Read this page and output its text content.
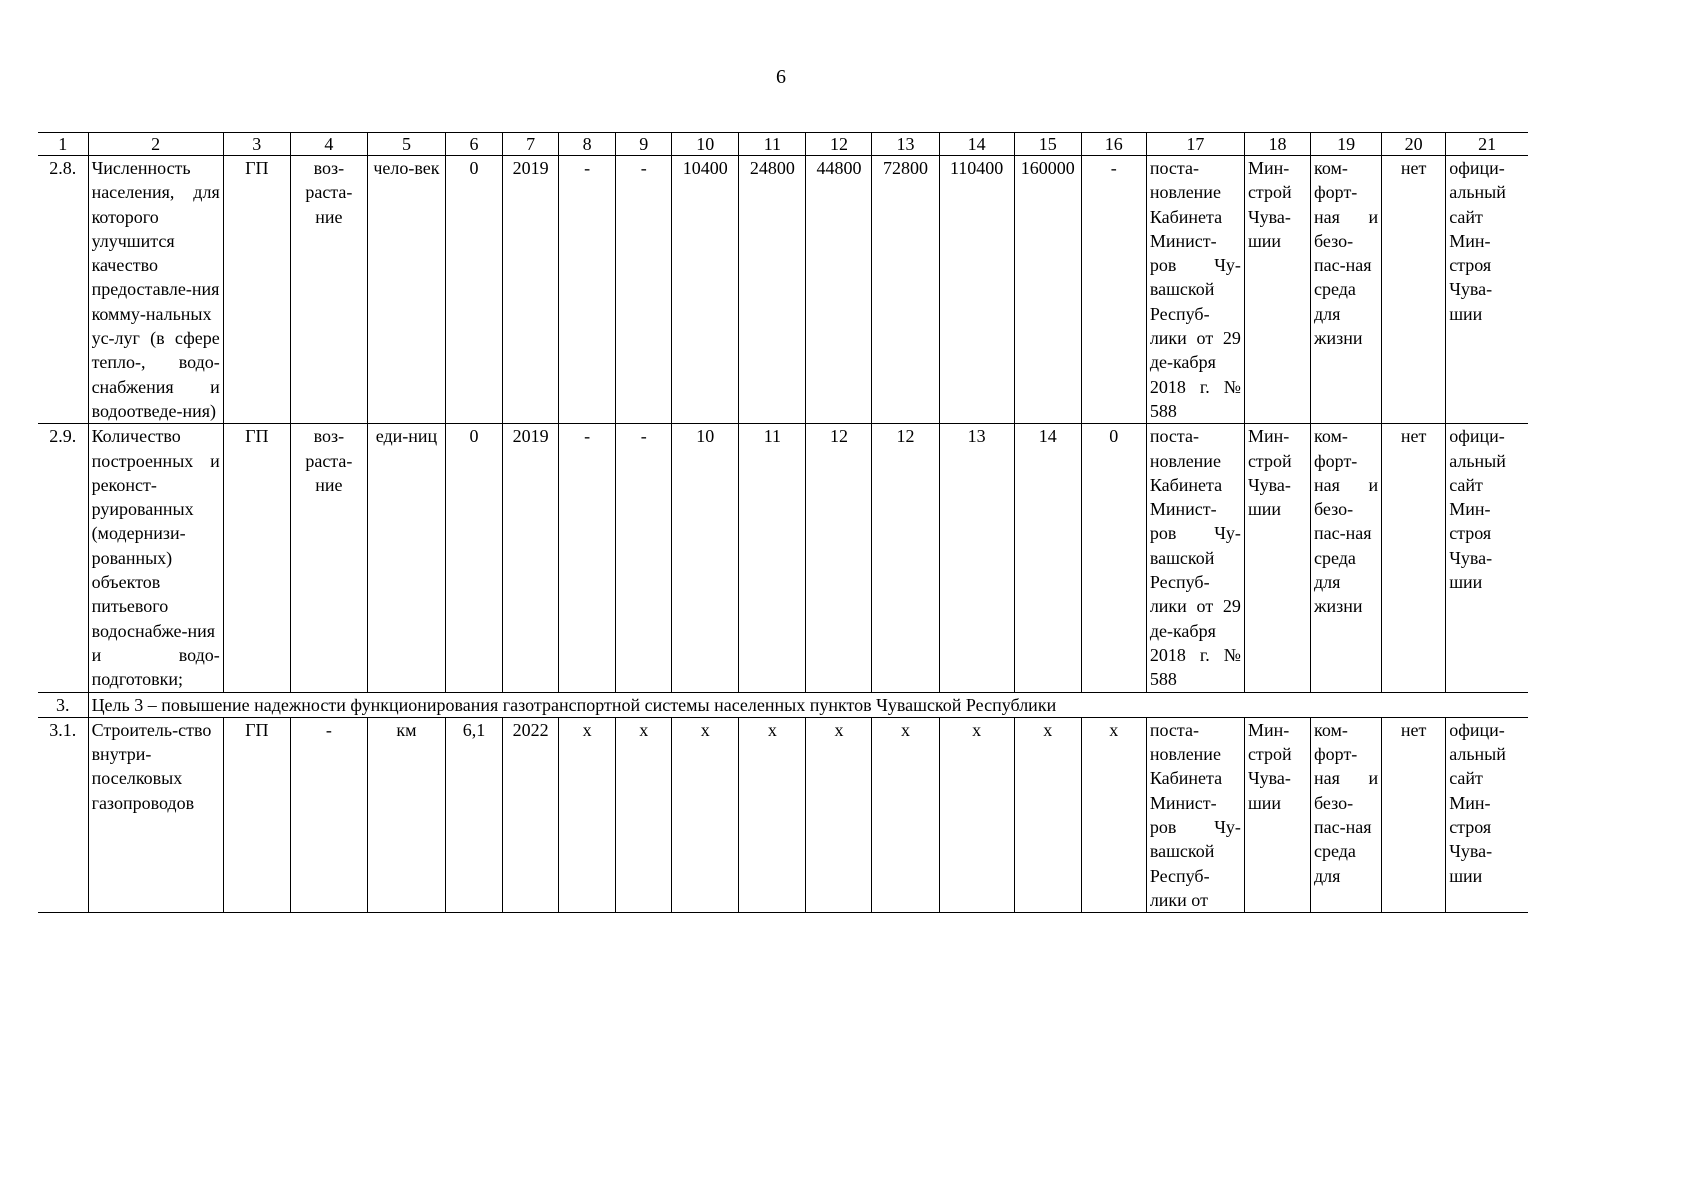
6
1	2	3	4	5	6	7	8	9	10	11	12	13	14	15	16	17	18	19	20	21
2.8.	Численность населения, для которого улучшится качество предоставле-ния комму-нальных ус-луг (в сфере тепло-, водо-снабжения и водоотведе-ния)	ГП	воз-раста-ние	чело-век	0	2019	-	-	10400	24800	44800	72800	110400	160000	-	поста-новление Кабинета Минист-ров Чу-вашской Респуб-лики от 29 де-кабря 2018 г. № 588	Мин-строй Чува-шии	ком-форт-ная и безо-пас-ная среда для жизни	нет	офици-альный сайт Мин-строя Чува-шии
2.9.	Количество построенных и реконст-руированных (модернизи-рованных) объектов питьевого водоснабже-ния и водо-подготовки;	ГП	воз-раста-ние	еди-ниц	0	2019	-	-	10	11	12	12	13	14	0	поста-новление Кабинета Минист-ров Чу-вашской Респуб-лики от 29 де-кабря 2018 г. № 588	Мин-строй Чува-шии	ком-форт-ная и безо-пас-ная среда для жизни	нет	офици-альный сайт Мин-строя Чува-шии
3.	Цель 3 – повышение надежности функционирования газотранспортной системы населенных пунктов Чувашской Республики																			
3.1.	Строитель-ство внутри-поселковых газопроводов	ГП	-	км	6,1	2022	х	х	х	х	х	х	х	х	х	поста-новление Кабинета Минист-ров Чу-вашской Респуб-лики от	Мин-строй Чува-шии	ком-форт-ная и безо-пас-ная среда для	нет	офици-альный сайт Мин-строя Чува-шии
